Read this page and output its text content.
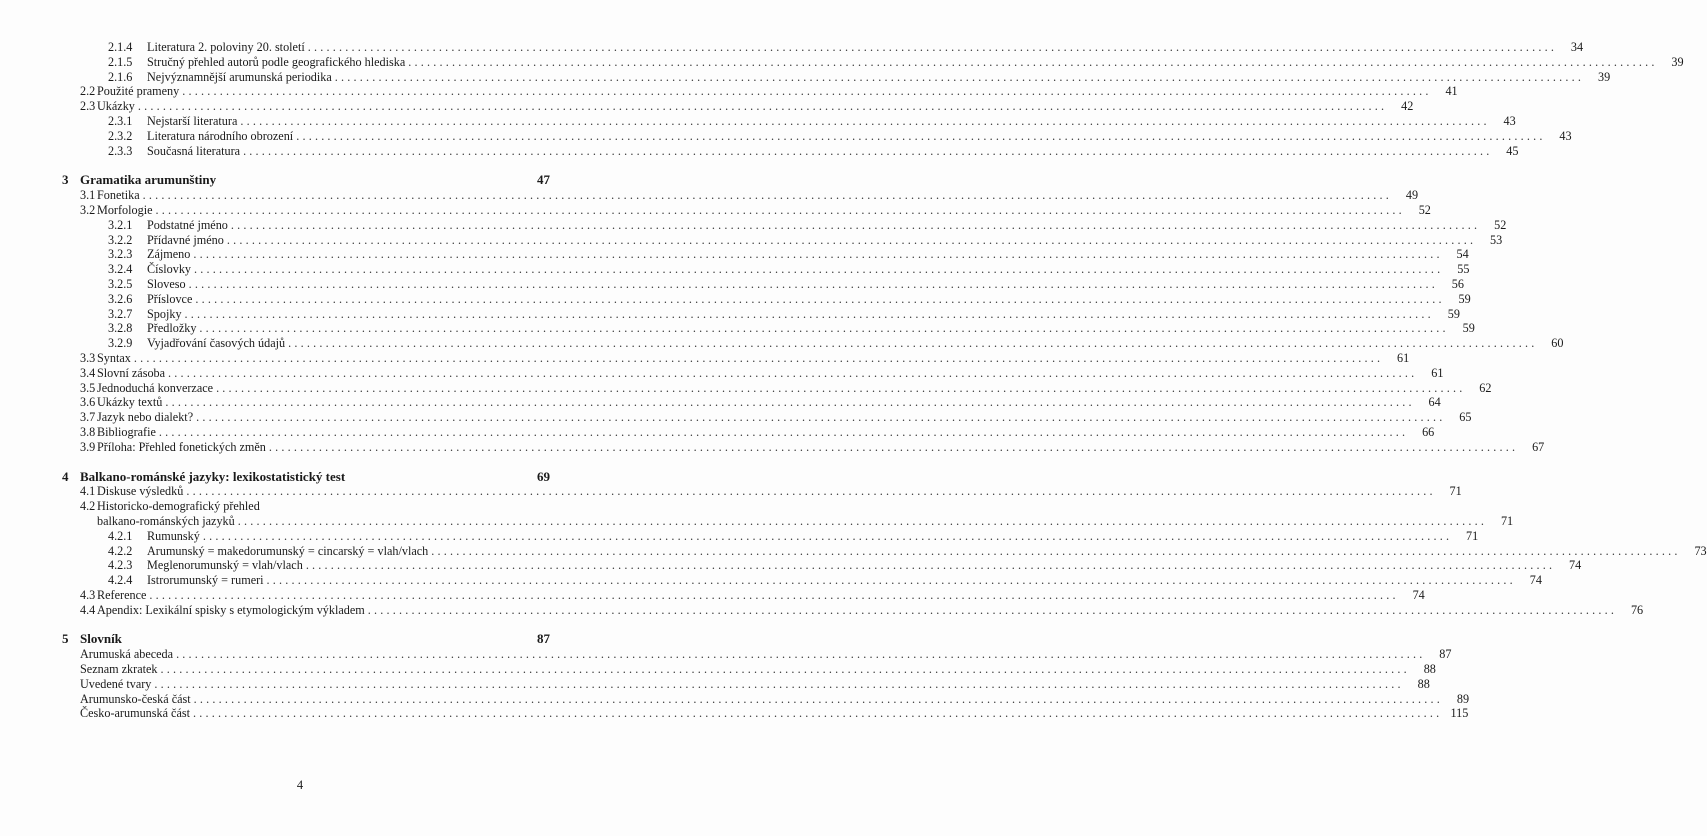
2.1.4 Literatura 2. poloviny 20. století ........................................................................................................................................................................................................	34
2.1.5 Stručný přehled autorů podle geografického hlediska ........................................................................................................................................................................................................	39
2.1.6 Nejvýznamnější arumunská periodika ........................................................................................................................................................................................................	39
2.2 Použité prameny ........................................................................................................................................................................................................	41
2.3 Ukázky ........................................................................................................................................................................................................	42
2.3.1 Nejstarší literatura ........................................................................................................................................................................................................	43
2.3.2 Literatura národního obrození ........................................................................................................................................................................................................	43
2.3.3 Současná literatura ........................................................................................................................................................................................................	45
3 Gramatika arumunštiny	47
3.1 Fonetika ........................................................................................................................................................................................................	49
3.2 Morfologie ........................................................................................................................................................................................................	52
3.2.1 Podstatné jméno ........................................................................................................................................................................................................	52
3.2.2 Přídavné jméno ........................................................................................................................................................................................................	53
3.2.3 Zájmeno ........................................................................................................................................................................................................	54
3.2.4 Číslovky ........................................................................................................................................................................................................	55
3.2.5 Sloveso ........................................................................................................................................................................................................	56
3.2.6 Příslovce ........................................................................................................................................................................................................	59
3.2.7 Spojky ........................................................................................................................................................................................................	59
3.2.8 Předložky ........................................................................................................................................................................................................	59
3.2.9 Vyjadřování časových údajů ........................................................................................................................................................................................................	60
3.3 Syntax ........................................................................................................................................................................................................	61
3.4 Slovní zásoba ........................................................................................................................................................................................................	61
3.5 Jednoduchá konverzace ........................................................................................................................................................................................................	62
3.6 Ukázky textů ........................................................................................................................................................................................................	64
3.7 Jazyk nebo dialekt? ........................................................................................................................................................................................................	65
3.8 Bibliografie ........................................................................................................................................................................................................	66
3.9 Příloha: Přehled fonetických změn ........................................................................................................................................................................................................	67
4 Balkano-románské jazyky: lexikostatistický test	69
4.1 Diskuse výsledků ........................................................................................................................................................................................................	71
4.2 Historicko-demografický přehled
balkano-románských jazyků ........................................................................................................................................................................................................	71
4.2.1 Rumunský ........................................................................................................................................................................................................	71
4.2.2 Arumunský = makedorumunský = cincarský = vlah/vlach ........................................................................................................................................................................................................	73
4.2.3 Meglenorumunský = vlah/vlach ........................................................................................................................................................................................................	74
4.2.4 Istrorumunský = rumeri ........................................................................................................................................................................................................	74
4.3 Reference ........................................................................................................................................................................................................	74
4.4 Apendix: Lexikální spisky s etymologickým výkladem ........................................................................................................................................................................................................	76
5 Slovník	87
Arumuská abeceda ........................................................................................................................................................................................................	87
Seznam zkratek ........................................................................................................................................................................................................	88
Uvedené tvary ........................................................................................................................................................................................................	88
Arumunsko-česká část ........................................................................................................................................................................................................	89
Česko-arumunská část ........................................................................................................................................................................................................ 115
4
